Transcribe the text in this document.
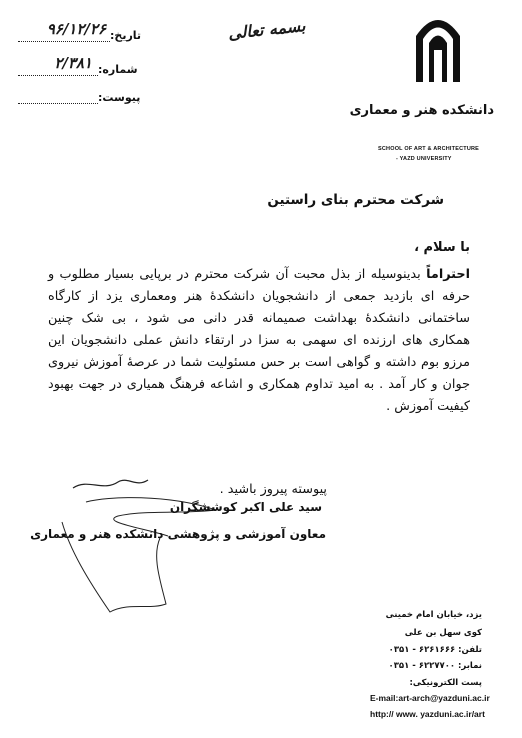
تاریخ:
۹۶/۱۲/۲۶
شماره:
۲/۳۸۱
پیوست:
بسمه تعالی
دانشکده هنر و معماری
SCHOOL OF ART & ARCHITECTURE
- YAZD UNIVERSITY
شرکت محترم بنای راستین
با سلام ،
احتراماً بدینوسیله از بذل محبت آن شرکت محترم در برپایی بسیار مطلوب و حرفه ای بازدید جمعی از دانشجویان دانشکدهٔ هنر ومعماری یزد از کارگاه ساختمانی دانشکدهٔ بهداشت صمیمانه قدر دانی می شود ، بی شک چنین همکاری های ارزنده ای سهمی به سزا در ارتقاء دانش عملی دانشجویان این مرزو بوم داشته و گواهی است بر حس مسئولیت شما در عرصهٔ آموزش نیروی جوان و کار آمد . به امید تداوم همکاری و اشاعه فرهنگ همیاری در جهت بهبود کیفیت آموزش .
پیوسته پیروز باشید .
سید علی اکبر کوششگران
معاون آموزشی و پژوهشی دانشکده هنر و معماری
یزد، خیابان امام خمینی
کوی سهل بن علی
تلفن: ۶۲۶۱۶۶۶ - ۰۳۵۱
نمابر: ۶۲۲۷۷۰۰ - ۰۳۵۱
پست الکترونیکی:
E-mail:art-arch@yazduni.ac.ir
http:// www. yazduni.ac.ir/art
